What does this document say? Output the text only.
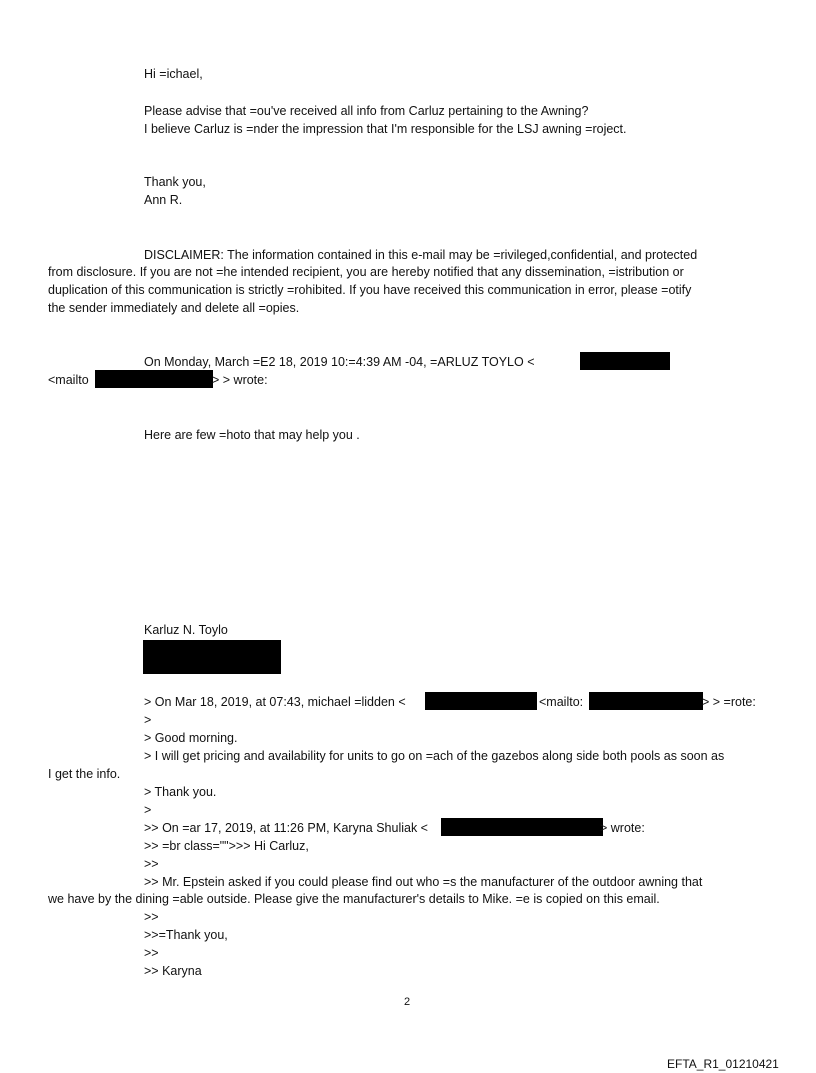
Hi =ichael,
Please advise that =ou've received all info from Carluz pertaining to the Awning?
I believe Carluz is =nder the impression that I'm responsible for the LSJ awning =roject.
Thank you,
Ann R.
DISCLAIMER: The information contained in this e-mail may be =rivileged,confidential, and protected
from disclosure. If you are not =he intended recipient, you are hereby notified that any dissemination, =istribution or
duplication of this communication is strictly =rohibited. If you have received this communication in error, please =otify
the sender immediately and delete all =opies.
On Monday, March =E2 18, 2019 10:=4:39 AM -04, =ARLUZ TOYLO <
<mailto	> > wrote:
Here are few =hoto that may help you .
Karluz N. Toylo
> On Mar 18, 2019, at 07:43, michael =lidden <	<mailto:	> > =rote:
>
> Good morning.
> I will get pricing and availability for units to go on =ach of the gazebos along side both pools as soon as
I get the info.
> Thank you.
>
>> On =ar 17, 2019, at 11:26 PM, Karyna Shuliak <	> wrote:
>> =br class="">>> Hi Carluz,
>>
>> Mr. Epstein asked if you could please find out who =s the manufacturer of the outdoor awning that
we have by the dining =able outside. Please give the manufacturer's details to Mike. =e is copied on this email.
>>
>>=Thank you,
>>
>> Karyna
2
EFTA_R1_01210421
